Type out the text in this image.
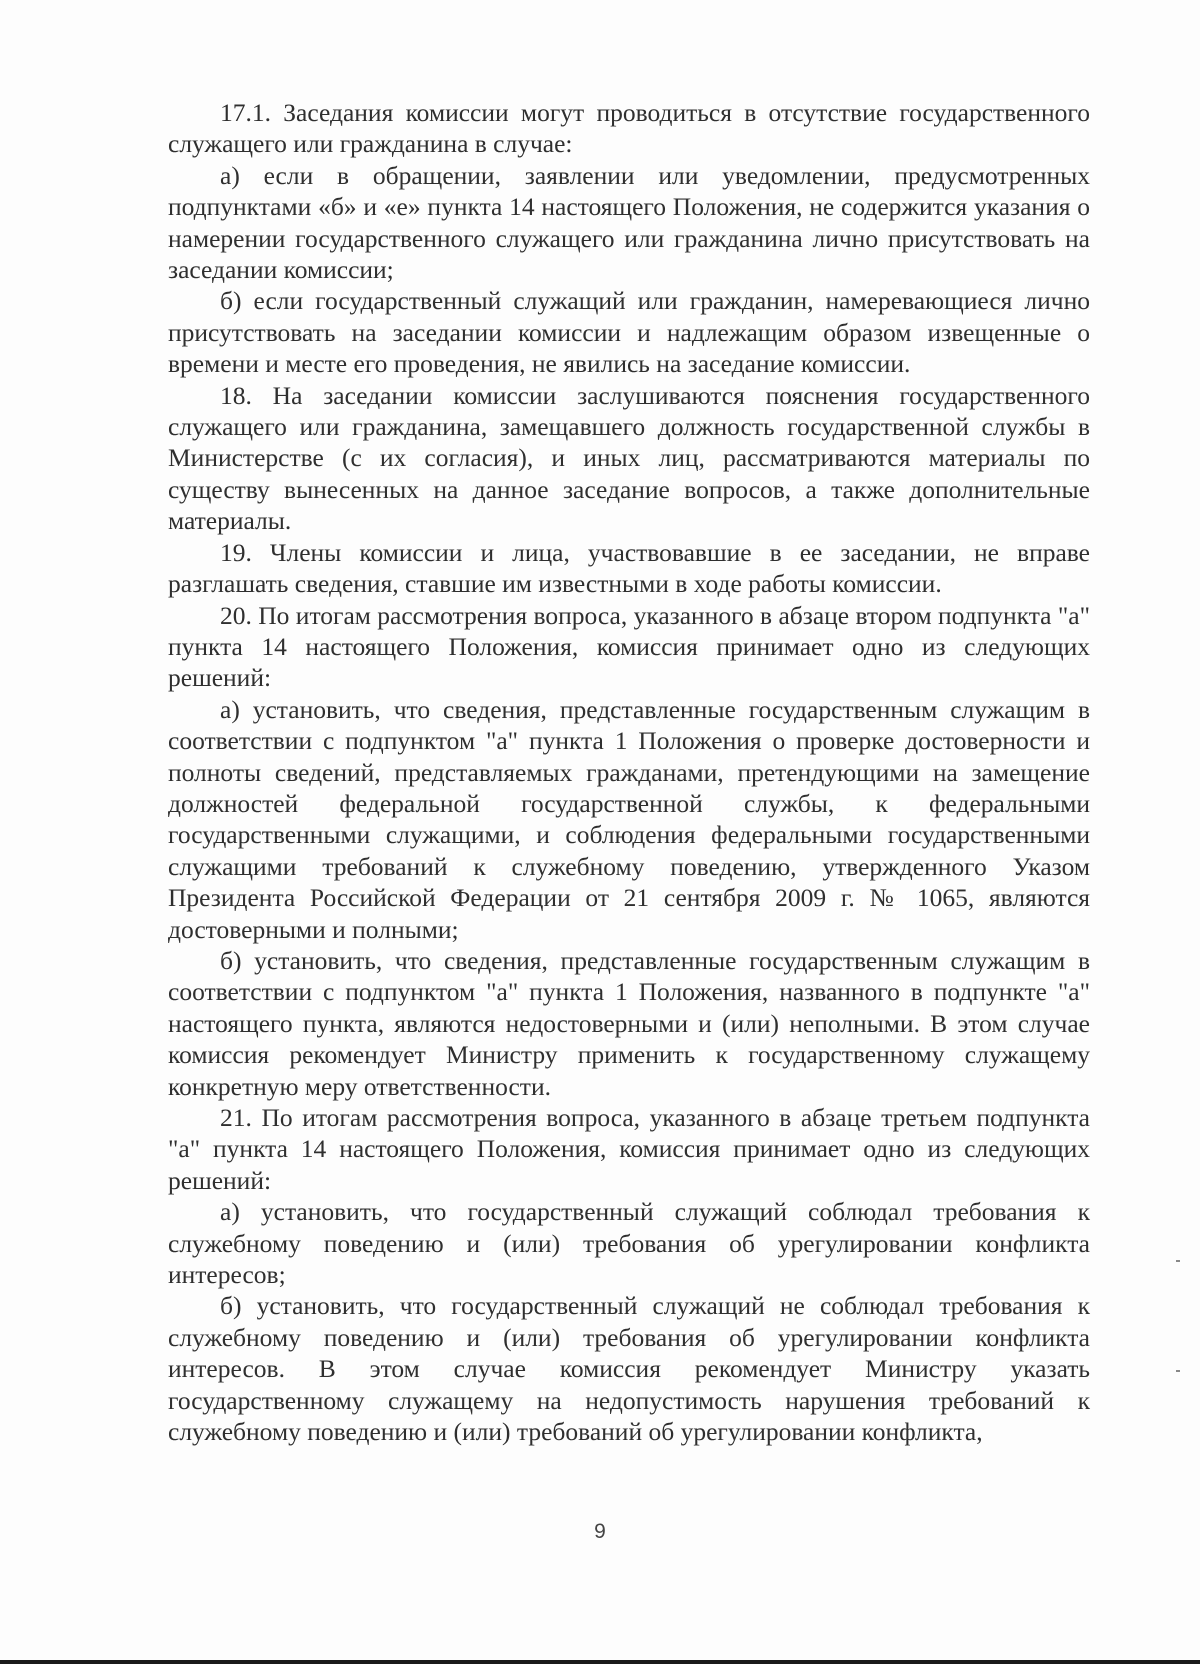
17.1. Заседания комиссии могут проводиться в отсутствие государственного служащего или гражданина в случае:

а) если в обращении, заявлении или уведомлении, предусмотренных подпунктами «б» и «е» пункта 14 настоящего Положения, не содержится указания о намерении государственного служащего или гражданина лично присутствовать на заседании комиссии;

б) если государственный служащий или гражданин, намеревающиеся лично присутствовать на заседании комиссии и надлежащим образом извещенные о времени и месте его проведения, не явились на заседание комиссии.

18. На заседании комиссии заслушиваются пояснения государственного служащего или гражданина, замещавшего должность государственной службы в Министерстве (с их согласия), и иных лиц, рассматриваются материалы по существу вынесенных на данное заседание вопросов, а также дополнительные материалы.

19. Члены комиссии и лица, участвовавшие в ее заседании, не вправе разглашать сведения, ставшие им известными в ходе работы комиссии.

20. По итогам рассмотрения вопроса, указанного в абзаце втором подпункта "а" пункта 14 настоящего Положения, комиссия принимает одно из следующих решений:

а) установить, что сведения, представленные государственным служащим в соответствии с подпунктом "а" пункта 1 Положения о проверке достоверности и полноты сведений, представляемых гражданами, претендующими на замещение должностей федеральной государственной службы, к федеральными государственными служащими, и соблюдения федеральными государственными служащими требований к служебному поведению, утвержденного Указом Президента Российской Федерации от 21 сентября 2009 г. № 1065, являются достоверными и полными;

б) установить, что сведения, представленные государственным служащим в соответствии с подпунктом "а" пункта 1 Положения, названного в подпункте "а" настоящего пункта, являются недостоверными и (или) неполными. В этом случае комиссия рекомендует Министру применить к государственному служащему конкретную меру ответственности.

21. По итогам рассмотрения вопроса, указанного в абзаце третьем подпункта "а" пункта 14 настоящего Положения, комиссия принимает одно из следующих решений:

а) установить, что государственный служащий соблюдал требования к служебному поведению и (или) требования об урегулировании конфликта интересов;

б) установить, что государственный служащий не соблюдал требования к служебному поведению и (или) требования об урегулировании конфликта интересов. В этом случае комиссия рекомендует Министру указать государственному служащему на недопустимость нарушения требований к служебному поведению и (или) требований об урегулировании конфликта,

9
